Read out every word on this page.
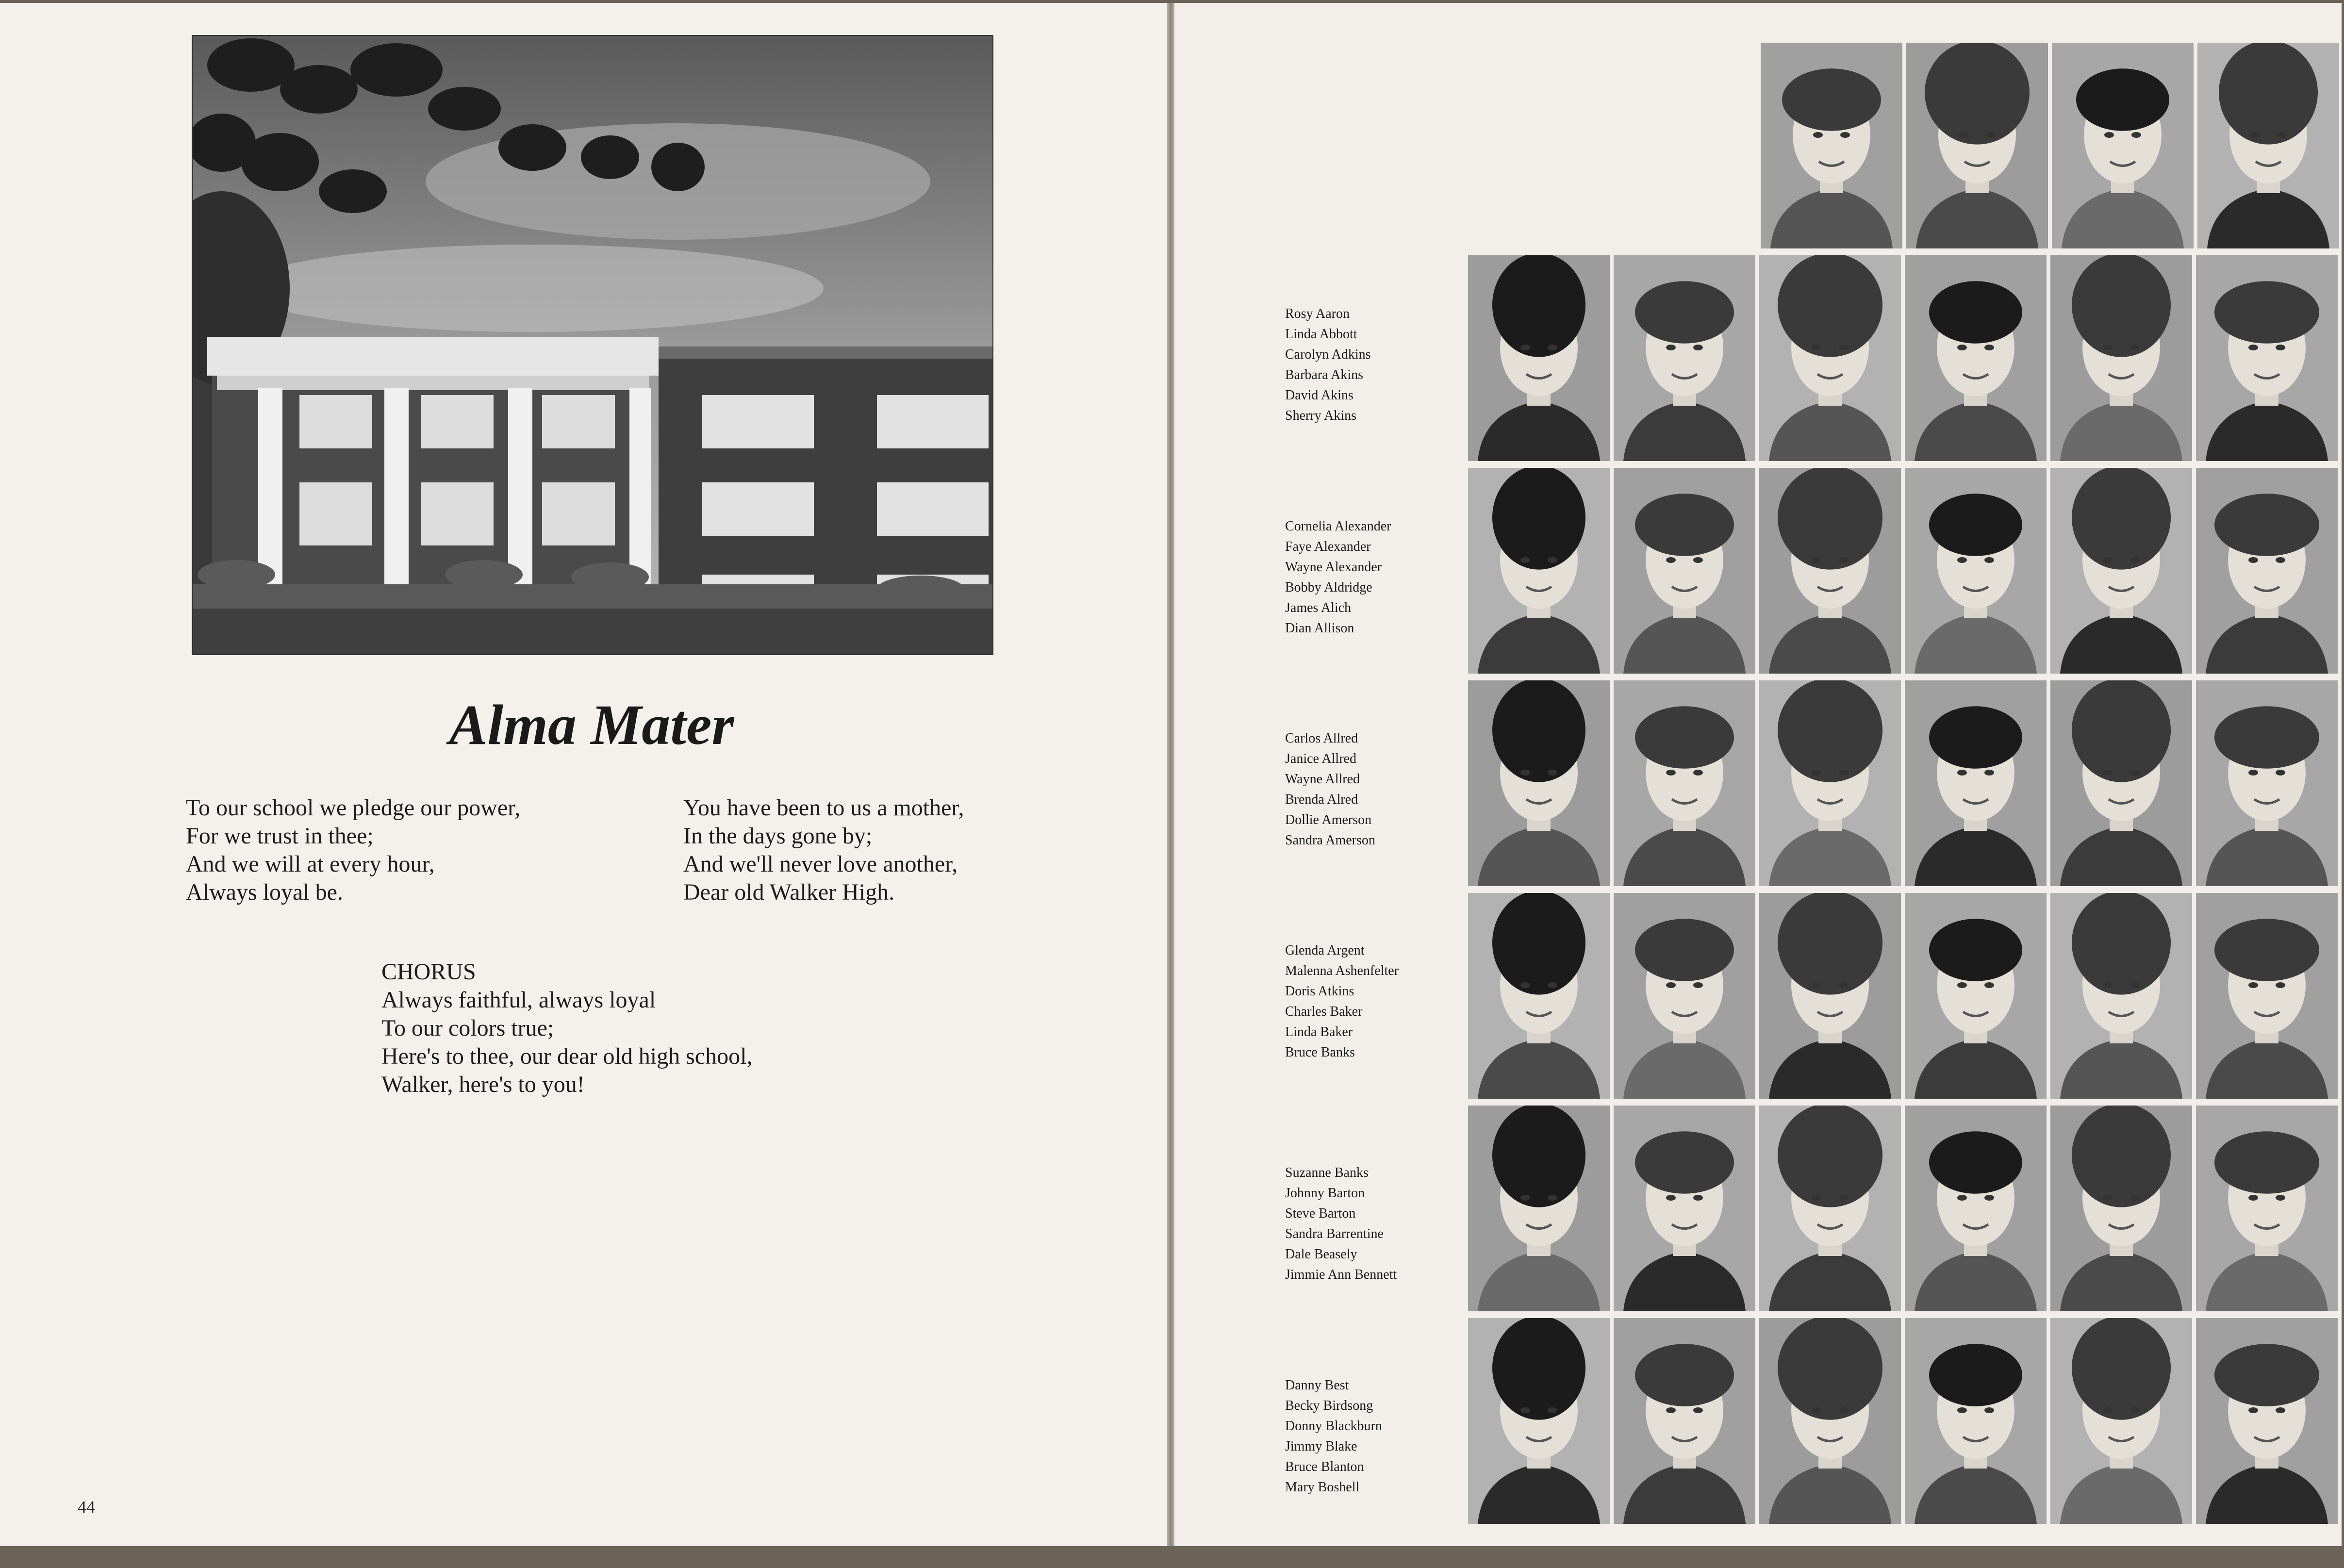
Alma Mater
To our school we pledge our power,
For we trust in thee;
And we will at every hour,
Always loyal be.
You have been to us a mother,
In the days gone by;
And we'll never love another,
Dear old Walker High.
CHORUS
Always faithful, always loyal
To our colors true;
Here's to thee, our dear old high school,
Walker, here's to you!
44
Rosy Aaron
Linda Abbott
Carolyn Adkins
Barbara Akins
David Akins
Sherry Akins
Cornelia Alexander
Faye Alexander
Wayne Alexander
Bobby Aldridge
James Alich
Dian Allison
Carlos Allred
Janice Allred
Wayne Allred
Brenda Alred
Dollie Amerson
Sandra Amerson
Glenda Argent
Malenna Ashenfelter
Doris Atkins
Charles Baker
Linda Baker
Bruce Banks
Suzanne Banks
Johnny Barton
Steve Barton
Sandra Barrentine
Dale Beasely
Jimmie Ann Bennett
Danny Best
Becky Birdsong
Donny Blackburn
Jimmy Blake
Bruce Blanton
Mary Boshell
